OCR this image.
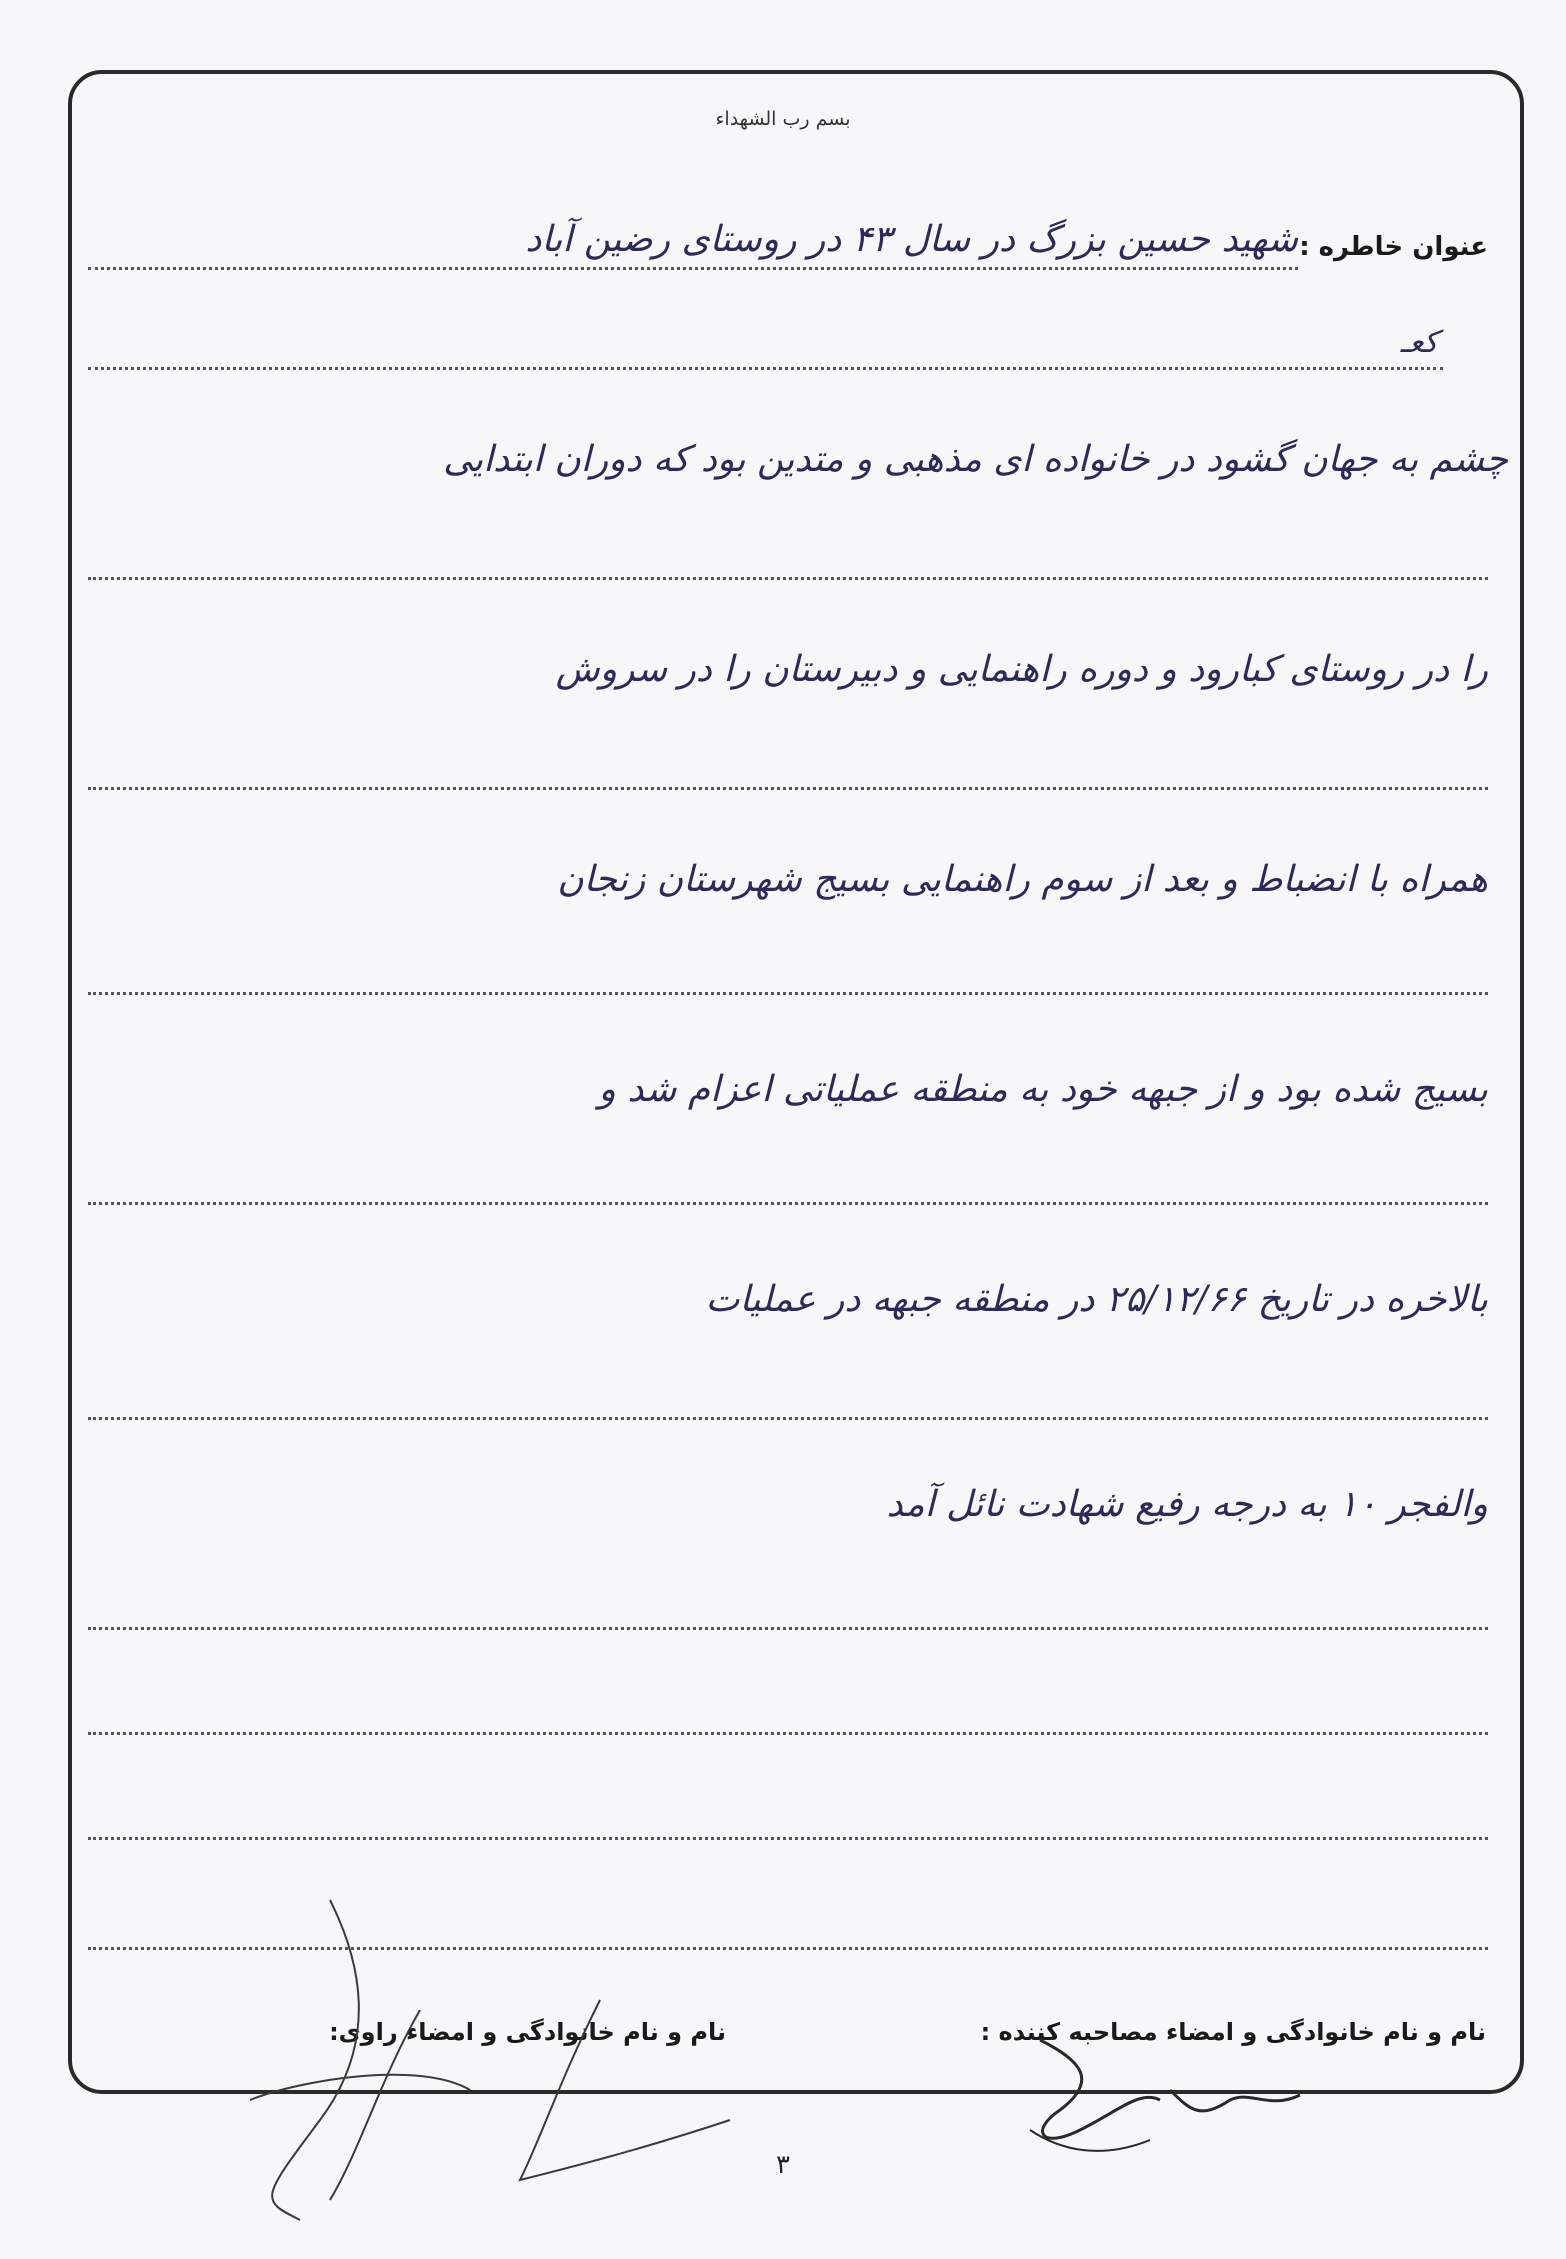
بسم رب الشهداء
عنوان خاطره :
شهید حسین بزرگ در سال ۴۳ در روستای رضین آباد
کعـ
چشم به جهان گشود در خانواده ای مذهبی و متدین بود که دوران ابتدایی
را در روستای کبارود و دوره راهنمایی و دبیرستان را در سروش
همراه با انضباط و بعد از سوم راهنمایی بسیج شهرستان زنجان
بسیج شده بود و از جبهه خود به منطقه عملیاتی اعزام شد و
بالاخره در تاریخ ۲۵/۱۲/۶۶ در منطقه جبهه در عملیات
والفجر ۱۰ به درجه رفیع شهادت نائل آمد
نام و نام خانوادگی و امضاء مصاحبه کننده :
نام و نام خانوادگی و امضاء راوی:
۳
